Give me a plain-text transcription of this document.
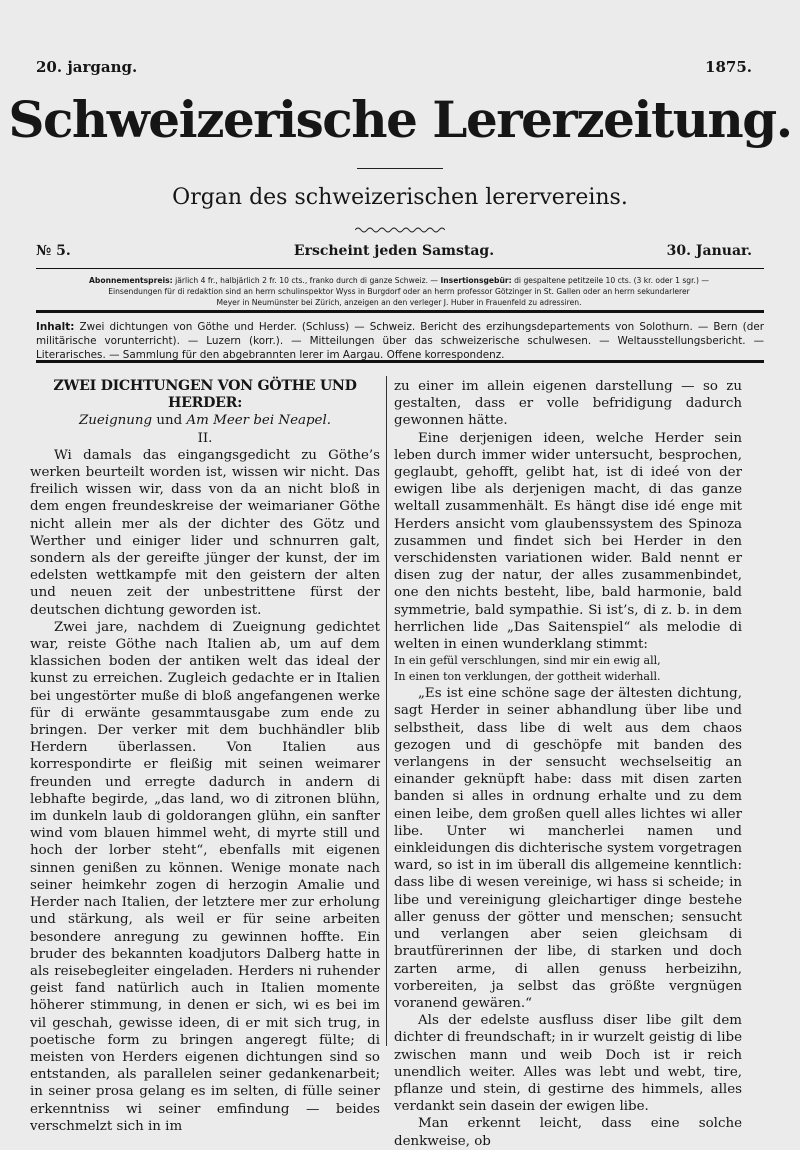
20. jargang.	1875.
Schweizerische Lererzeitung.
Organ des schweizerischen lerervereins.
№ 5.	Erscheint jeden Samstag.	30. Januar.
Abonnementspreis: järlich 4 fr., halbjärlich 2 fr. 10 cts., franko durch di ganze Schweiz. — Insertionsgebür: di gespaltene petitzeile 10 cts. (3 kr. oder 1 sgr.) —
Einsendungen für di redaktion sind an herrn schulinspektor Wyss in Burgdorf oder an herrn professor Götzinger in St. Gallen oder an herrn sekundarlerer
Meyer in Neumünster bei Zürich, anzeigen an den verleger J. Huber in Frauenfeld zu adressiren.
Inhalt: Zwei dichtungen von Göthe und Herder. (Schluss) — Schweiz. Bericht des erzihungsdepartements von Solothurn. — Bern (der militärische vorunterricht). — Luzern (korr.). — Mitteilungen über das schweizerische schulwesen. — Weltausstellungsbericht. — Literarisches. — Sammlung für den abgebrannten lerer im Aargau. Offene korrespondenz.

ZWEI DICHTUNGEN VON GÖTHE UND HERDER:

Zueignung und Am Meer bei Neapel.

II.

Wi damals das eingangsgedicht zu Göthe’s werken beurteilt worden ist, wissen wir nicht. Das freilich wissen wir, dass von da an nicht bloß in dem engen freundeskreise der weimarianer Göthe nicht allein mer als der dichter des Götz und Werther und einiger lider und schnurren galt, sondern als der gereifte jünger der kunst, der im edelsten wettkampfe mit den geistern der alten und neuen zeit der unbestrittene fürst der deutschen dichtung geworden ist.

Zwei jare, nachdem di Zueignung gedichtet war, reiste Göthe nach Italien ab, um auf dem klassichen boden der antiken welt das ideal der kunst zu erreichen. Zugleich gedachte er in Italien bei ungestörter muße di bloß angefangenen werke für di erwänte gesammtausgabe zum ende zu bringen. Der verker mit dem buchhändler blib Herdern überlassen. Von Italien aus korrespondirte er fleißig mit seinen weimarer freunden und erregte dadurch in andern di lebhafte begirde, „das land, wo di zitronen blühn, im dunkeln laub di goldorangen glühn, ein sanfter wind vom blauen himmel weht, di myrte still und hoch der lorber steht“, ebenfalls mit eigenen sinnen genißen zu können. Wenige monate nach seiner heimkehr zogen di herzogin Amalie und Herder nach Italien, der letztere mer zur erholung und stärkung, als weil er für seine arbeiten besondere anregung zu gewinnen hoffte. Ein bruder des bekannten koadjutors Dalberg hatte in als reisebegleiter eingeladen. Herders ni ruhender geist fand natürlich auch in Italien momente höherer stimmung, in denen er sich, wi es bei im vil geschah, gewisse ideen, di er mit sich trug, in poetische form zu bringen angeregt fülte; di meisten von Herders eigenen dichtungen sind so entstanden, als parallelen seiner gedankenarbeit; in seiner prosa gelang es im selten, di fülle seiner erkenntniss wi seiner emfindung — beides verschmelzt sich in im

zu einer im allein eigenen darstellung — so zu gestalten, dass er volle befridigung dadurch gewonnen hätte.

Eine derjenigen ideen, welche Herder sein leben durch immer wider untersucht, besprochen, geglaubt, gehofft, gelibt hat, ist di ideé von der ewigen libe als derjenigen macht, di das ganze weltall zusammenhält. Es hängt dise idé enge mit Herders ansicht vom glaubenssystem des Spinoza zusammen und findet sich bei Herder in den verschidensten variationen wider. Bald nennt er disen zug der natur, der alles zusammenbindet, one den nichts besteht, libe, bald harmonie, bald symmetrie, bald sympathie. Si ist’s, di z. b. in dem herrlichen lide „Das Saitenspiel“ als melodie di welten in einen wunderklang stimmt:

In ein gefül verschlungen, sind mir ein ewig all,
In einen ton verklungen, der gottheit widerhall.

„Es ist eine schöne sage der ältesten dichtung, sagt Herder in seiner abhandlung über libe und selbstheit, dass libe di welt aus dem chaos gezogen und di geschöpfe mit banden des verlangens in der sensucht wechselseitig an einander geknüpft habe: dass mit disen zarten banden si alles in ordnung erhalte und zu dem einen leibe, dem großen quell alles lichtes wi aller libe. Unter wi mancherlei namen und einkleidungen dis dichterische system vorgetragen ward, so ist in im überall dis allgemeine kenntlich: dass libe di wesen vereinige, wi hass si scheide; in libe und vereinigung gleichartiger dinge bestehe aller genuss der götter und menschen; sensucht und verlangen aber seien gleichsam di brautfürerinnen der libe, di starken und doch zarten arme, di allen genuss herbeizihn, vorbereiten, ja selbst das größte vergnügen voranend gewären.“

Als der edelste ausfluss diser libe gilt dem dichter di freundschaft; in ir wurzelt geistig di libe zwischen mann und weib Doch ist ir reich unendlich weiter. Alles was lebt und webt, tire, pflanze und stein, di gestirne des himmels, alles verdankt sein dasein der ewigen libe.

Man erkennt leicht, dass eine solche denkweise, ob
